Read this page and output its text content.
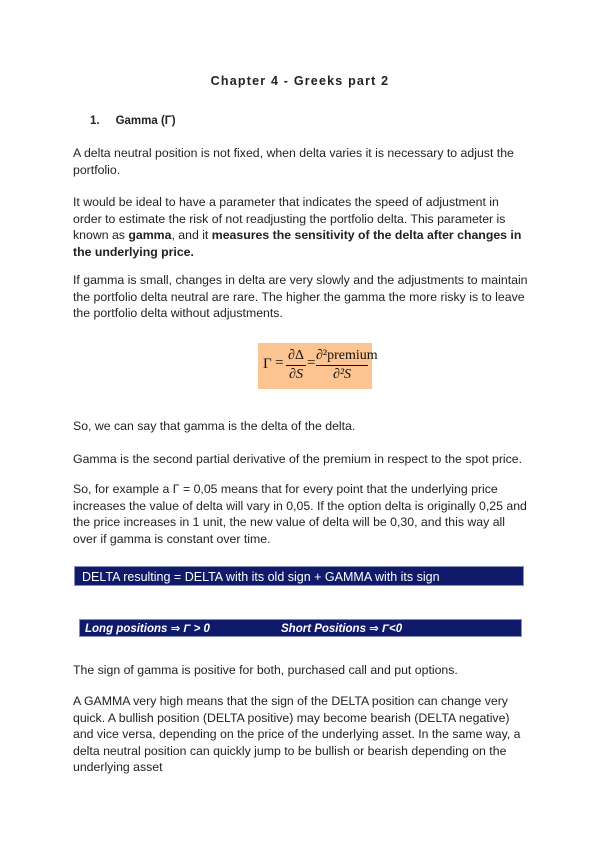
Chapter 4 - Greeks part 2
1. Gamma (Γ)
A delta neutral position is not fixed, when delta varies it is necessary to adjust the portfolio.
It would be ideal to have a parameter that indicates the speed of adjustment in order to estimate the risk of not readjusting the portfolio delta. This parameter is known as gamma, and it measures the sensitivity of the delta after changes in the underlying price.
If gamma is small, changes in delta are very slowly and the adjustments to maintain the portfolio delta neutral are rare. The higher the gamma the more risky is to leave the portfolio delta without adjustments.
Γ = ∂Δ
∂S
= ∂²premium
∂²S
So, we can say that gamma is the delta of the delta.
Gamma is the second partial derivative of the premium in respect to the spot price.
So, for example a Γ = 0,05 means that for every point that the underlying price increases the value of delta will vary in 0,05. If the option delta is originally 0,25 and the price increases in 1 unit, the new value of delta will be 0,30, and this way all over if gamma is constant over time.
DELTA resulting = DELTA with its old sign + GAMMA with its sign
Long positions ⇒ Γ > 0	Short Positions ⇒ Γ<0
The sign of gamma is positive for both, purchased call and put options.
A GAMMA very high means that the sign of the DELTA position can change very quick. A bullish position (DELTA positive) may become bearish (DELTA negative) and vice versa, depending on the price of the underlying asset. In the same way, a delta neutral position can quickly jump to be bullish or bearish depending on the underlying asset
